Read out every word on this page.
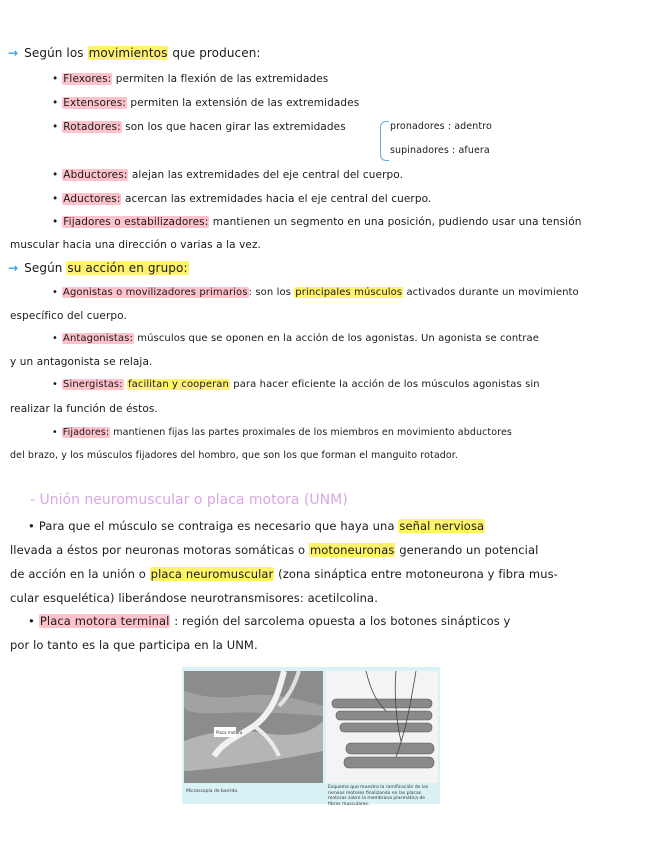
→ Según los movimientos que producen:
• Flexores: permiten la flexión de las extremidades
• Extensores: permiten la extensión de las extremidades
• Rotadores: son los que hacen girar las extremidades	pronadores : adentro
supinadores : afuera
• Abductores: alejan las extremidades del eje central del cuerpo.
• Aductores: acercan las extremidades hacia el eje central del cuerpo.
• Fijadores o estabilizadores: mantienen un segmento en una posición, pudiendo usar una tensión
muscular hacia una dirección o varias a la vez.
→ Según su acción en grupo:
• Agonistas o movilizadores primarios: son los principales músculos activados durante un movimiento
específico del cuerpo.
• Antagonistas: músculos que se oponen en la acción de los agonistas. Un agonista se contrae
y un antagonista se relaja.
• Sinergistas: facilitan y cooperan para hacer eficiente la acción de los músculos agonistas sin
realizar la función de éstos.
• Fijadores: mantienen fijas las partes proximales de los miembros en movimiento abductores
del brazo, y los músculos fijadores del hombro, que son los que forman el manguito rotador.
- Unión neuromuscular o placa motora (UNM)
• Para que el músculo se contraiga es necesario que haya una señal nerviosa
llevada a éstos por neuronas motoras somáticas o motoneuronas generando un potencial
de acción en la unión o placa neuromuscular (zona sináptica entre motoneurona y fibra mus-
cular esquelética) liberándose neurotransmisores: acetilcolina.
• Placa motora terminal : región del sarcolema opuesta a los botones sinápticos y
por lo tanto es la que participa en la UNM.
Placa motora
Microscopía de barrido.
Esquema que muestra la ramificación de los nervios motores finalizando en las placas motoras sobre la membrana plasmática de fibras musculares.
